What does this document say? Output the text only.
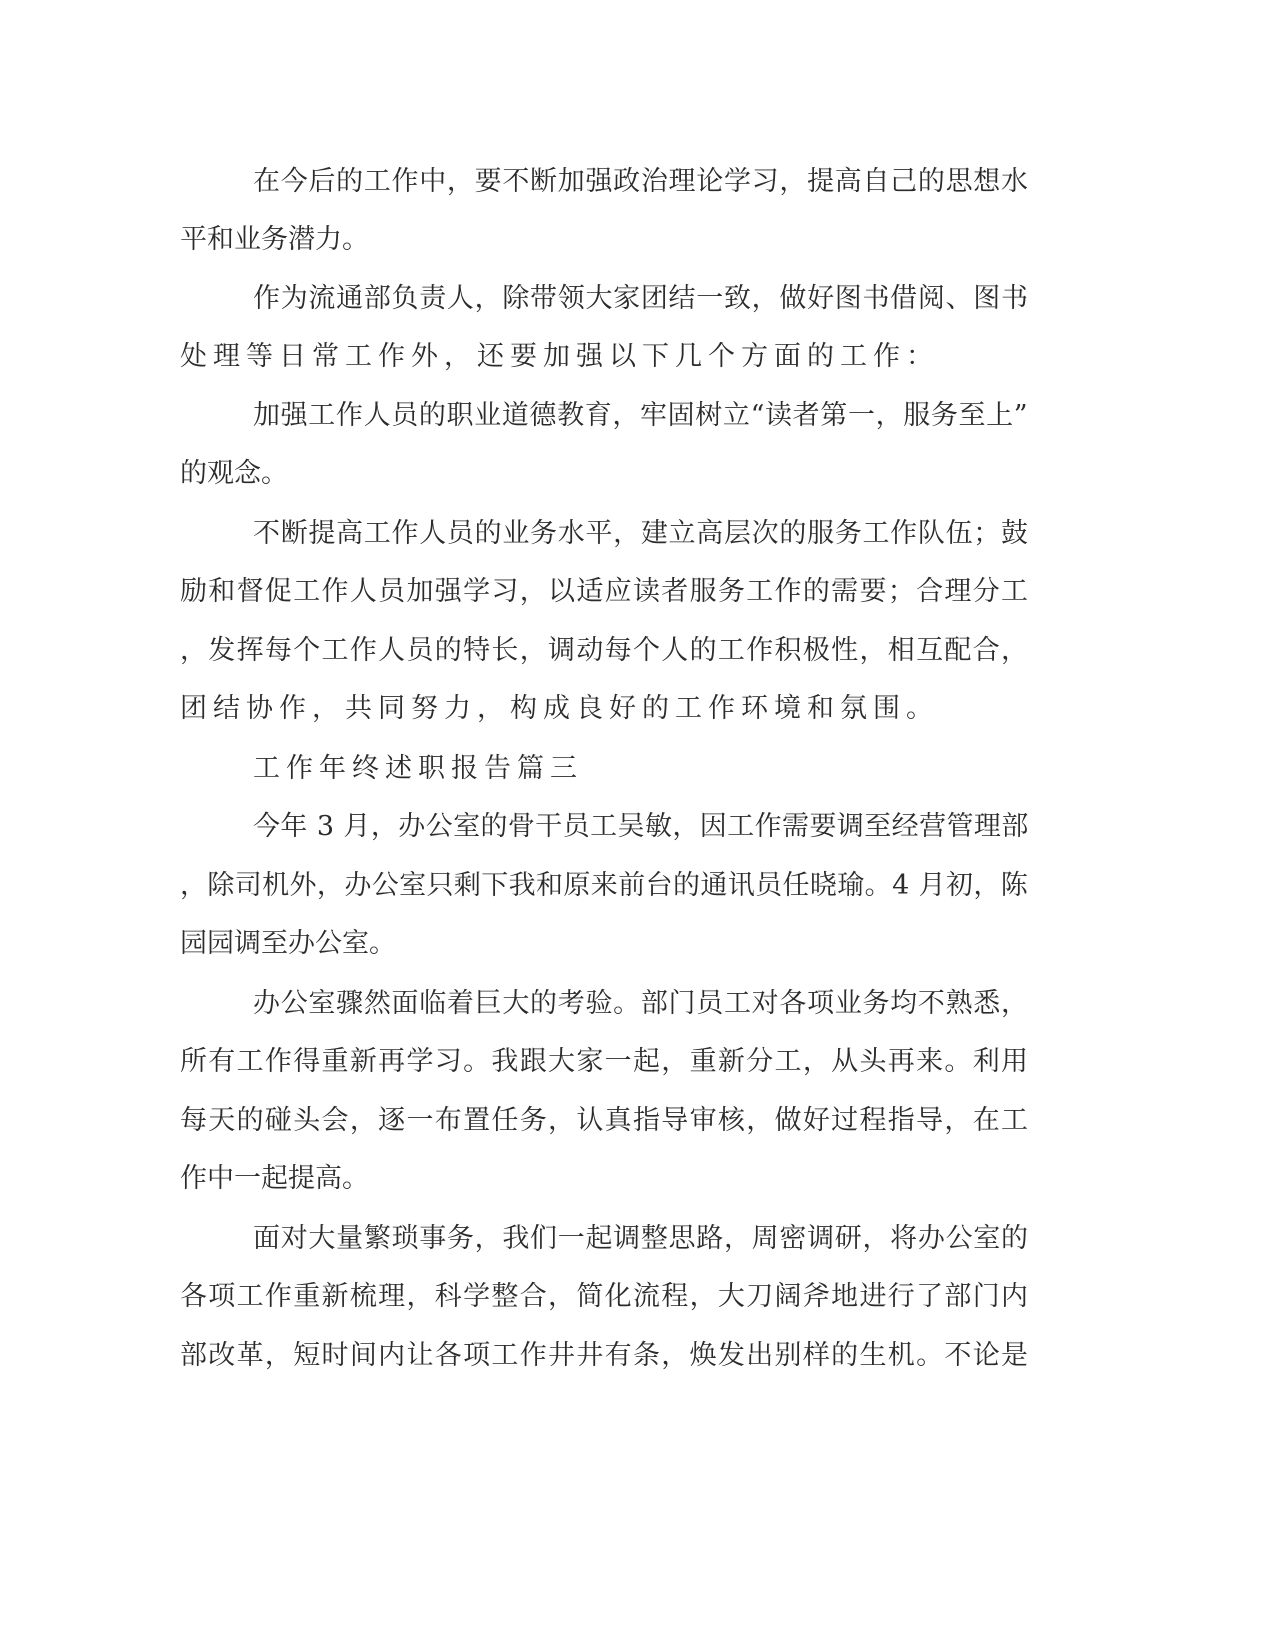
在今后的工作中，要不断加强政治理论学习，提高自己的思想水
平和业务潜力。
作为流通部负责人，除带领大家团结一致，做好图书借阅、图书
处理等日常工作外，还要加强以下几个方面的工作：
加强工作人员的职业道德教育，牢固树立“读者第一，服务至上”
的观念。
不断提高工作人员的业务水平，建立高层次的服务工作队伍；鼓
励和督促工作人员加强学习，以适应读者服务工作的需要；合理分工
，发挥每个工作人员的特长，调动每个人的工作积极性，相互配合，
团结协作，共同努力，构成良好的工作环境和氛围。
工作年终述职报告篇三
今年 3 月，办公室的骨干员工吴敏，因工作需要调至经营管理部
，除司机外，办公室只剩下我和原来前台的通讯员任晓瑜。4 月初，陈
园园调至办公室。
办公室骤然面临着巨大的考验。部门员工对各项业务均不熟悉，
所有工作得重新再学习。我跟大家一起，重新分工，从头再来。利用
每天的碰头会，逐一布置任务，认真指导审核，做好过程指导，在工
作中一起提高。
面对大量繁琐事务，我们一起调整思路，周密调研，将办公室的
各项工作重新梳理，科学整合，简化流程，大刀阔斧地进行了部门内
部改革，短时间内让各项工作井井有条，焕发出别样的生机。不论是
